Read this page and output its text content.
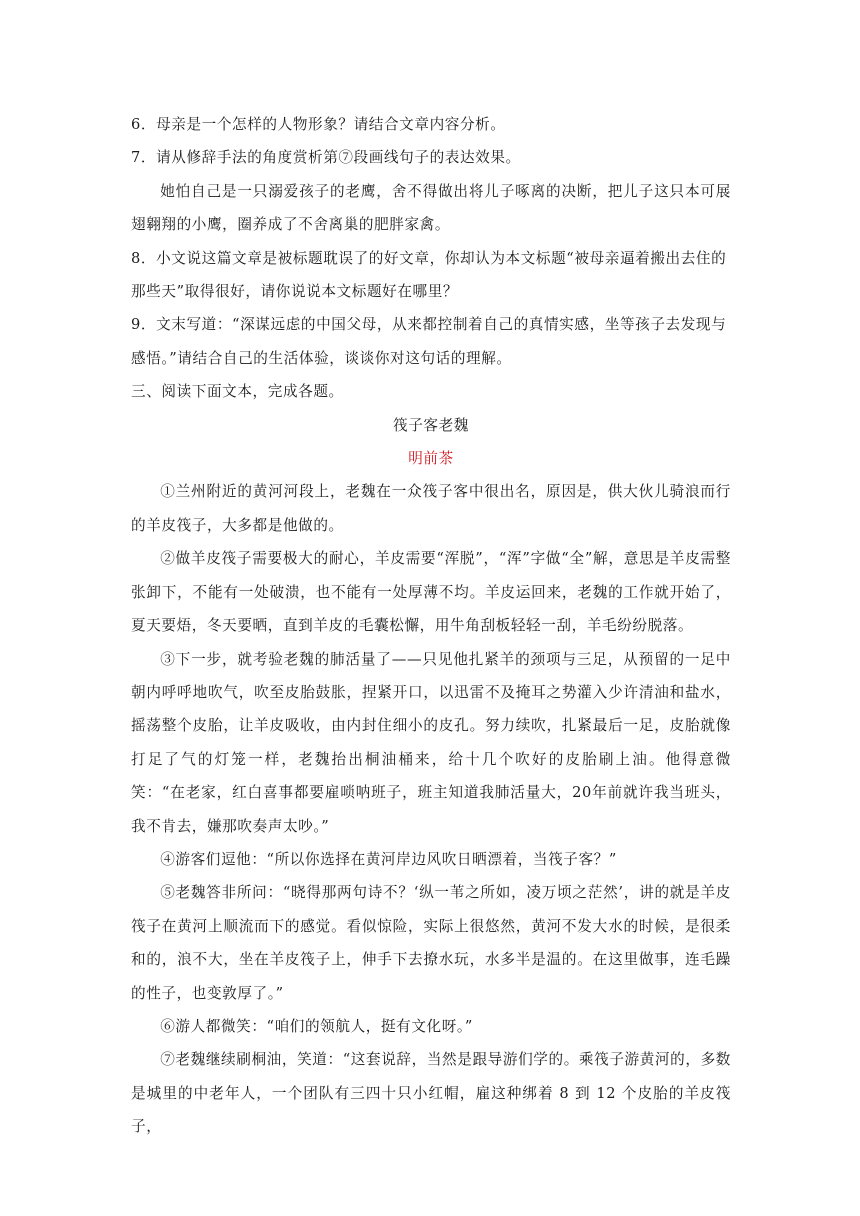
6．母亲是一个怎样的人物形象？请结合文章内容分析。

7．请从修辞手法的角度赏析第⑦段画线句子的表达效果。

她怕自己是一只溺爱孩子的老鹰，舍不得做出将儿子啄离的决断，把儿子这只本可展翅翱翔的小鹰，圈养成了不舍离巢的肥胖家禽。

8．小文说这篇文章是被标题耽误了的好文章，你却认为本文标题“被母亲逼着搬出去住的那些天”取得很好，请你说说本文标题好在哪里？

9．文末写道：“深谋远虑的中国父母，从来都控制着自己的真情实感，坐等孩子去发现与感悟。”请结合自己的生活体验，谈谈你对这句话的理解。

三、阅读下面文本，完成各题。

筏子客老魏

明前茶

①兰州附近的黄河河段上，老魏在一众筏子客中很出名，原因是，供大伙儿骑浪而行的羊皮筏子，大多都是他做的。

②做羊皮筏子需要极大的耐心，羊皮需要“浑脱”，“浑”字做“全”解，意思是羊皮需整张卸下，不能有一处破溃，也不能有一处厚薄不均。羊皮运回来，老魏的工作就开始了，夏天要焐，冬天要晒，直到羊皮的毛囊松懈，用牛角刮板轻轻一刮，羊毛纷纷脱落。

③下一步，就考验老魏的肺活量了——只见他扎紧羊的颈项与三足，从预留的一足中朝内呼呼地吹气，吹至皮胎鼓胀，捏紧开口，以迅雷不及掩耳之势灌入少许清油和盐水，摇荡整个皮胎，让羊皮吸收，由内封住细小的皮孔。努力续吹，扎紧最后一足，皮胎就像打足了气的灯笼一样，老魏抬出桐油桶来，给十几个吹好的皮胎刷上油。他得意微笑：“在老家，红白喜事都要雇唢呐班子，班主知道我肺活量大，20年前就许我当班头，我不肯去，嫌那吹奏声太吵。”

④游客们逗他：“所以你选择在黄河岸边风吹日晒漂着，当筏子客？”

⑤老魏答非所问：“晓得那两句诗不？‘纵一苇之所如，凌万顷之茫然’，讲的就是羊皮筏子在黄河上顺流而下的感觉。看似惊险，实际上很悠然，黄河不发大水的时候，是很柔和的，浪不大，坐在羊皮筏子上，伸手下去撩水玩，水多半是温的。在这里做事，连毛躁的性子，也变敦厚了。”

⑥游人都微笑：“咱们的领航人，挺有文化呀。”

⑦老魏继续刷桐油，笑道：“这套说辞，当然是跟导游们学的。乘筏子游黄河的，多数是城里的中老年人，一个团队有三四十只小红帽，雇这种绑着 8 到 12 个皮胎的羊皮筏子，
